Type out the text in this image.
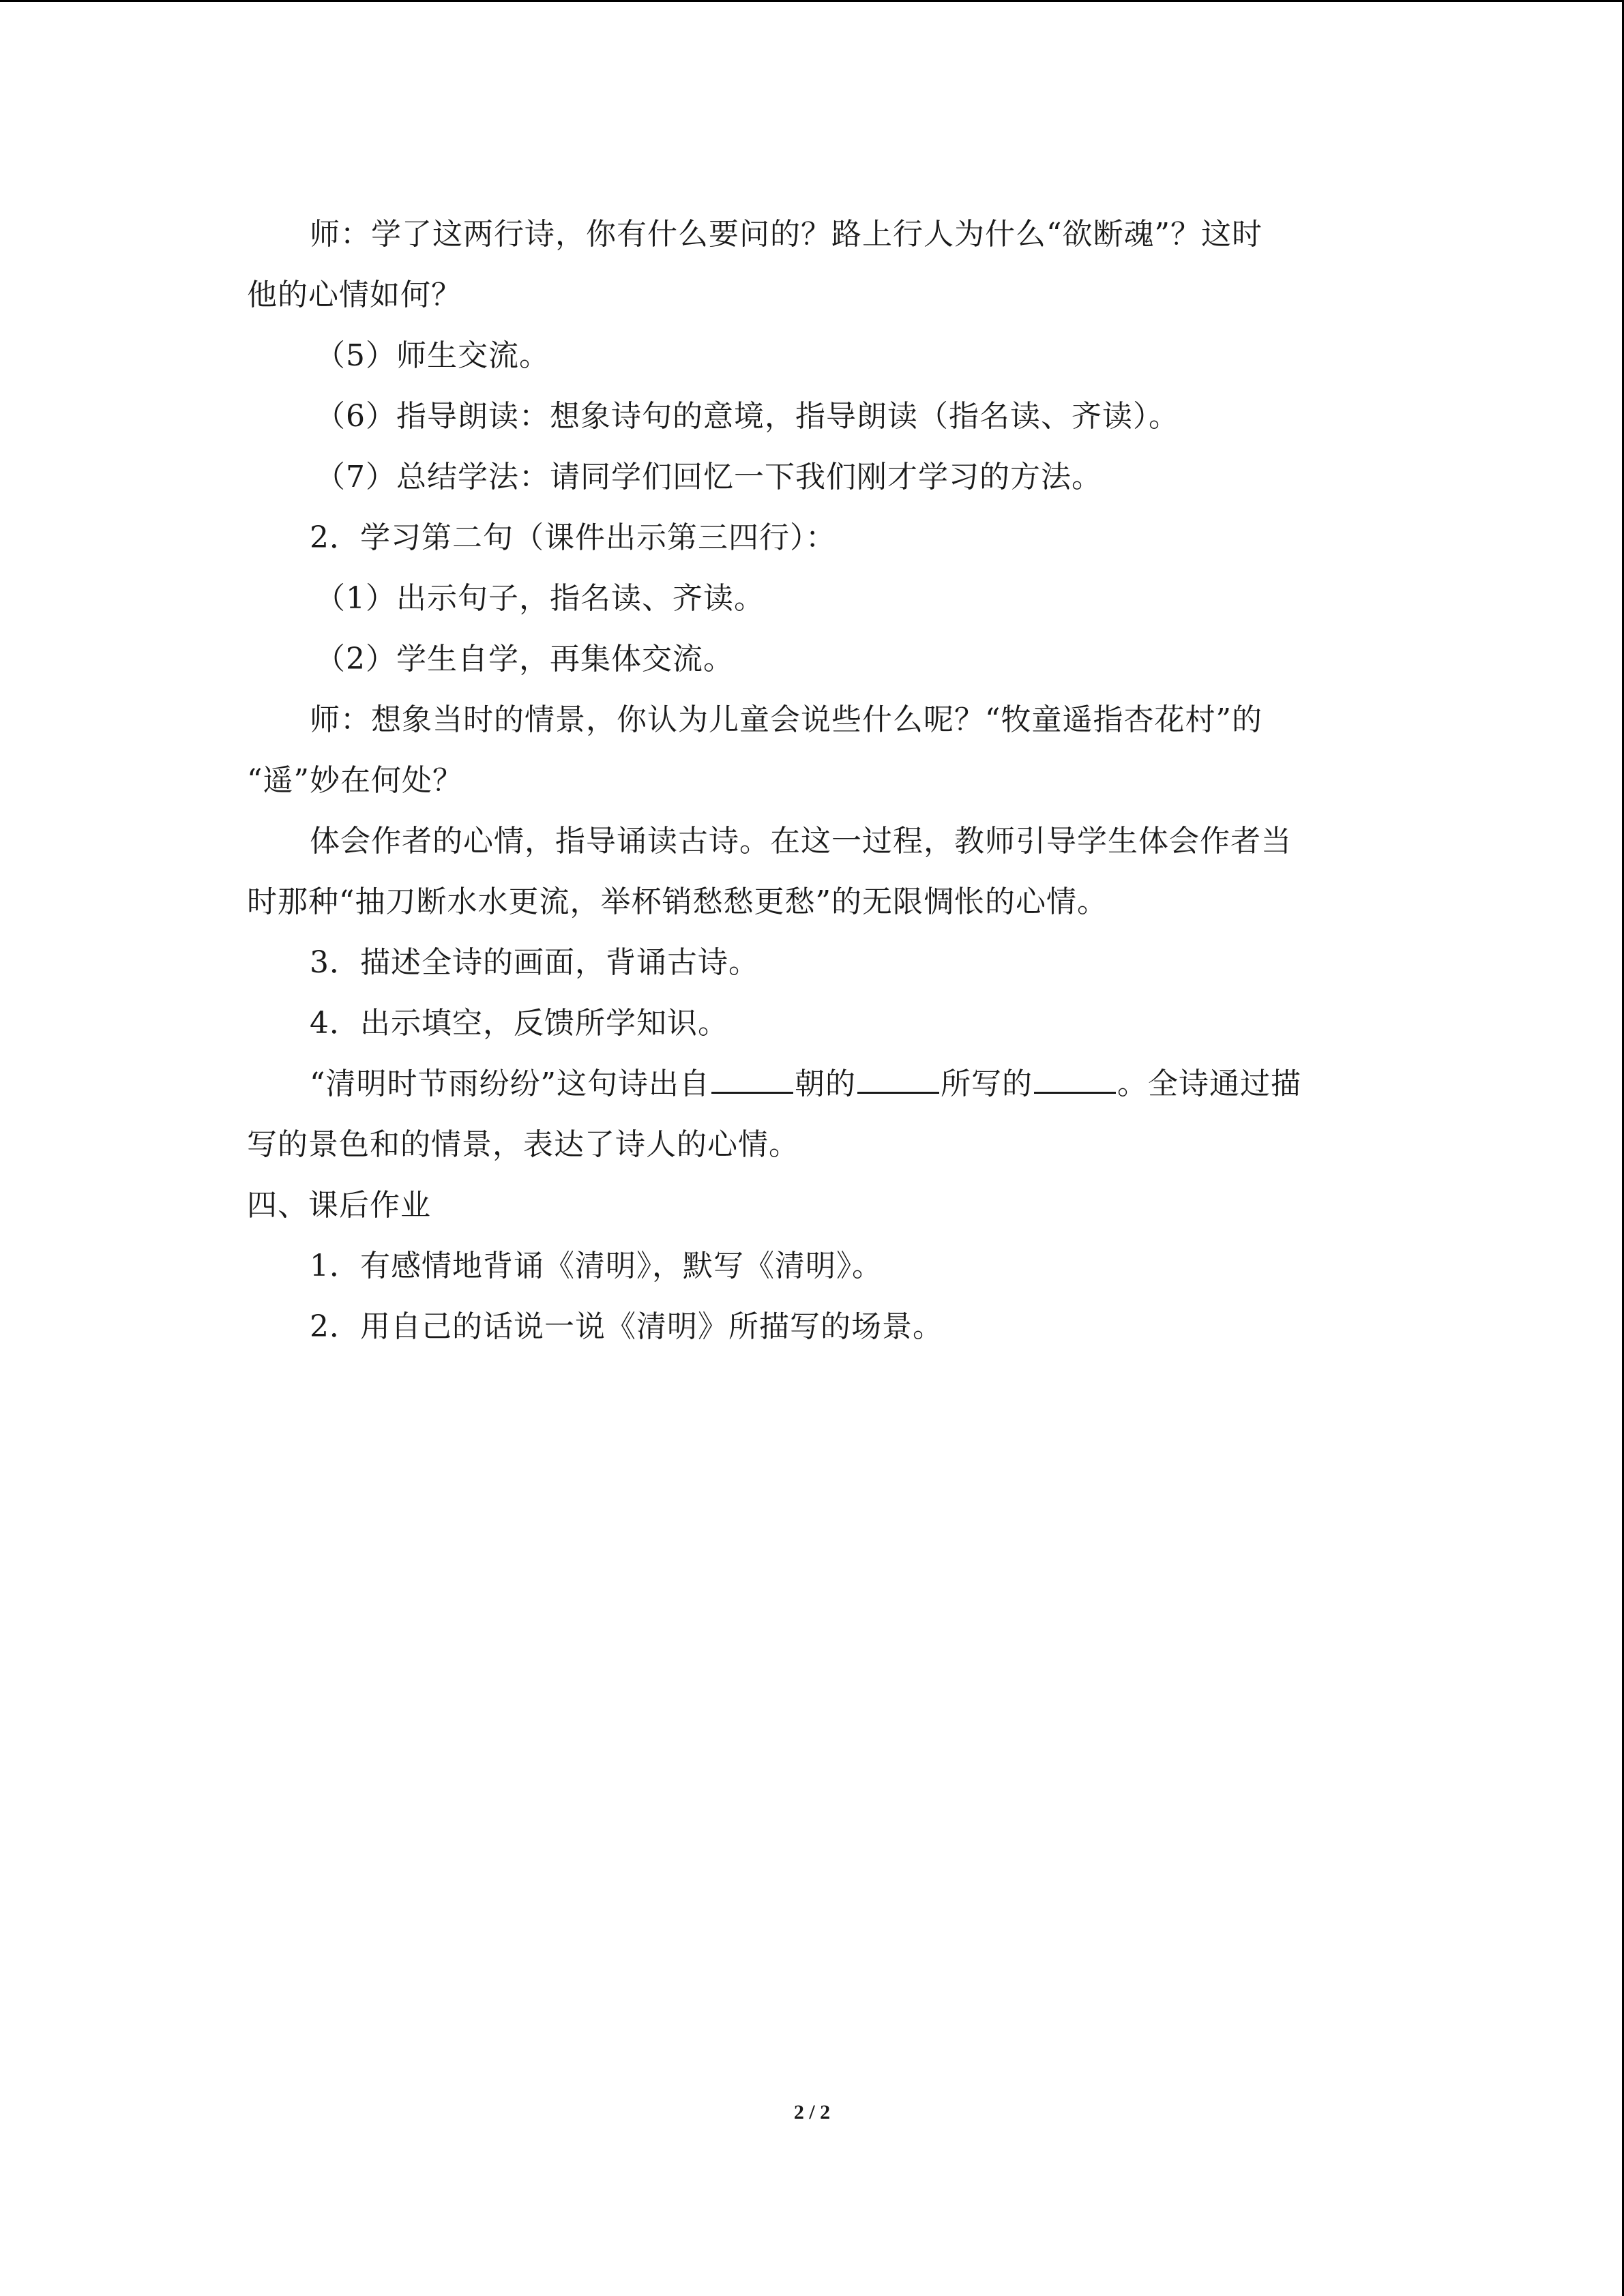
师：学了这两行诗，你有什么要问的？路上行人为什么“欲断魂”？这时
他的心情如何？
（5）师生交流。
（6）指导朗读：想象诗句的意境，指导朗读（指名读、齐读）。
（7）总结学法：请同学们回忆一下我们刚才学习的方法。
2．学习第二句（课件出示第三四行）：
（1）出示句子，指名读、齐读。
（2）学生自学，再集体交流。
师：想象当时的情景，你认为儿童会说些什么呢？“牧童遥指杏花村”的
“遥”妙在何处？
体会作者的心情，指导诵读古诗。在这一过程，教师引导学生体会作者当
时那种“抽刀断水水更流，举杯销愁愁更愁”的无限惆怅的心情。
3．描述全诗的画面，背诵古诗。
4．出示填空，反馈所学知识。
“清明时节雨纷纷”这句诗出自	朝的	所写的	。全诗通过描
写的景色和的情景，表达了诗人的心情。
四、课后作业
1．有感情地背诵《清明》，默写《清明》。
2．用自己的话说一说《清明》所描写的场景。
2 / 2
